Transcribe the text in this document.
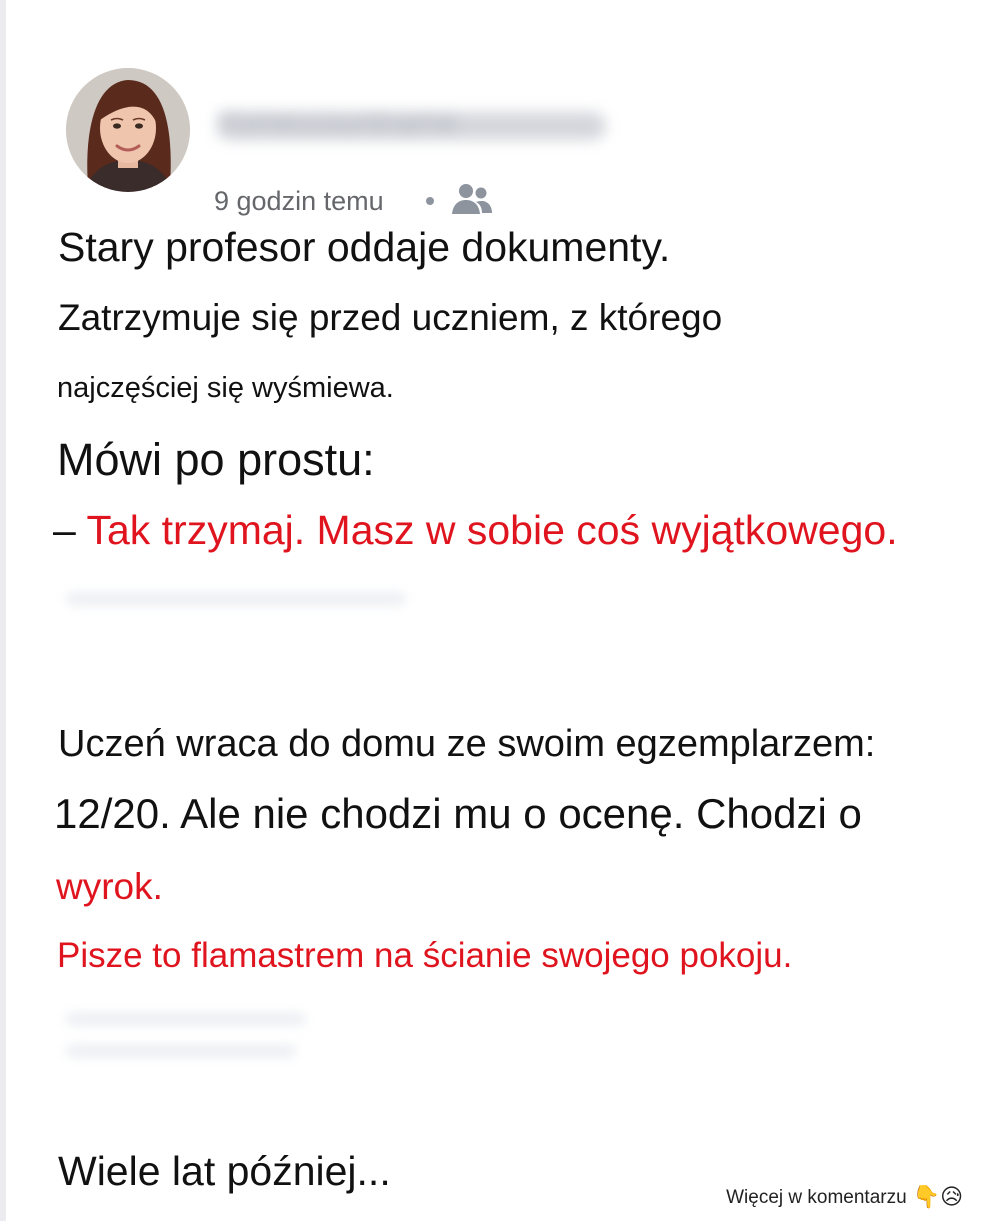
Yomeccountname
9 godzin temu
Stary profesor oddaje dokumenty.
Zatrzymuje się przed uczniem, z którego
najczęściej się wyśmiewa.
Mówi po prostu:
– Tak trzymaj. Masz w sobie coś wyjątkowego.
Uczeń wraca do domu ze swoim egzemplarzem:
12/20. Ale nie chodzi mu o ocenę. Chodzi o
wyrok.
Pisze to flamastrem na ścianie swojego pokoju.
Wiele lat później...
Więcej w komentarzu 👇😥
